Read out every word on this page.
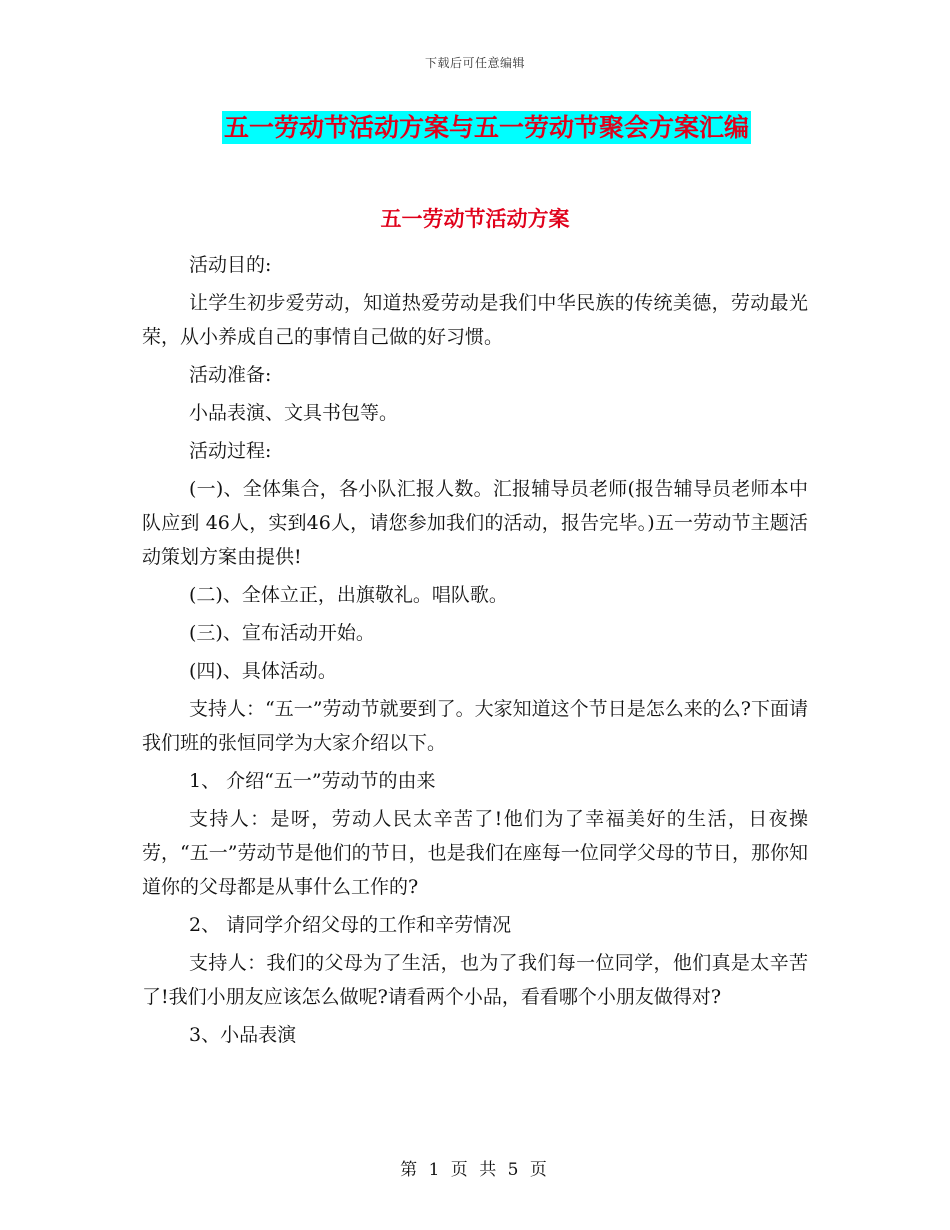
下载后可任意编辑
五一劳动节活动方案与五一劳动节聚会方案汇编
五一劳动节活动方案

活动目的:

让学生初步爱劳动，知道热爱劳动是我们中华民族的传统美德，劳动最光荣，从小养成自己的事情自己做的好习惯。

活动准备:

小品表演、文具书包等。

活动过程:

(一)、全体集合，各小队汇报人数。汇报辅导员老师(报告辅导员老师本中队应到 46人，实到46人，请您参加我们的活动，报告完毕。)五一劳动节主题活动策划方案由提供!

(二)、全体立正，出旗敬礼。唱队歌。

(三)、宣布活动开始。

(四)、具体活动。

支持人：“五一”劳动节就要到了。大家知道这个节日是怎么来的么?下面请我们班的张恒同学为大家介绍以下。

1、 介绍“五一”劳动节的由来

支持人：是呀，劳动人民太辛苦了!他们为了幸福美好的生活，日夜操劳，“五一”劳动节是他们的节日，也是我们在座每一位同学父母的节日，那你知道你的父母都是从事什么工作的?

2、 请同学介绍父母的工作和辛劳情况

支持人：我们的父母为了生活，也为了我们每一位同学，他们真是太辛苦了!我们小朋友应该怎么做呢?请看两个小品，看看哪个小朋友做得对?

3、小品表演

第 1 页 共 5 页
